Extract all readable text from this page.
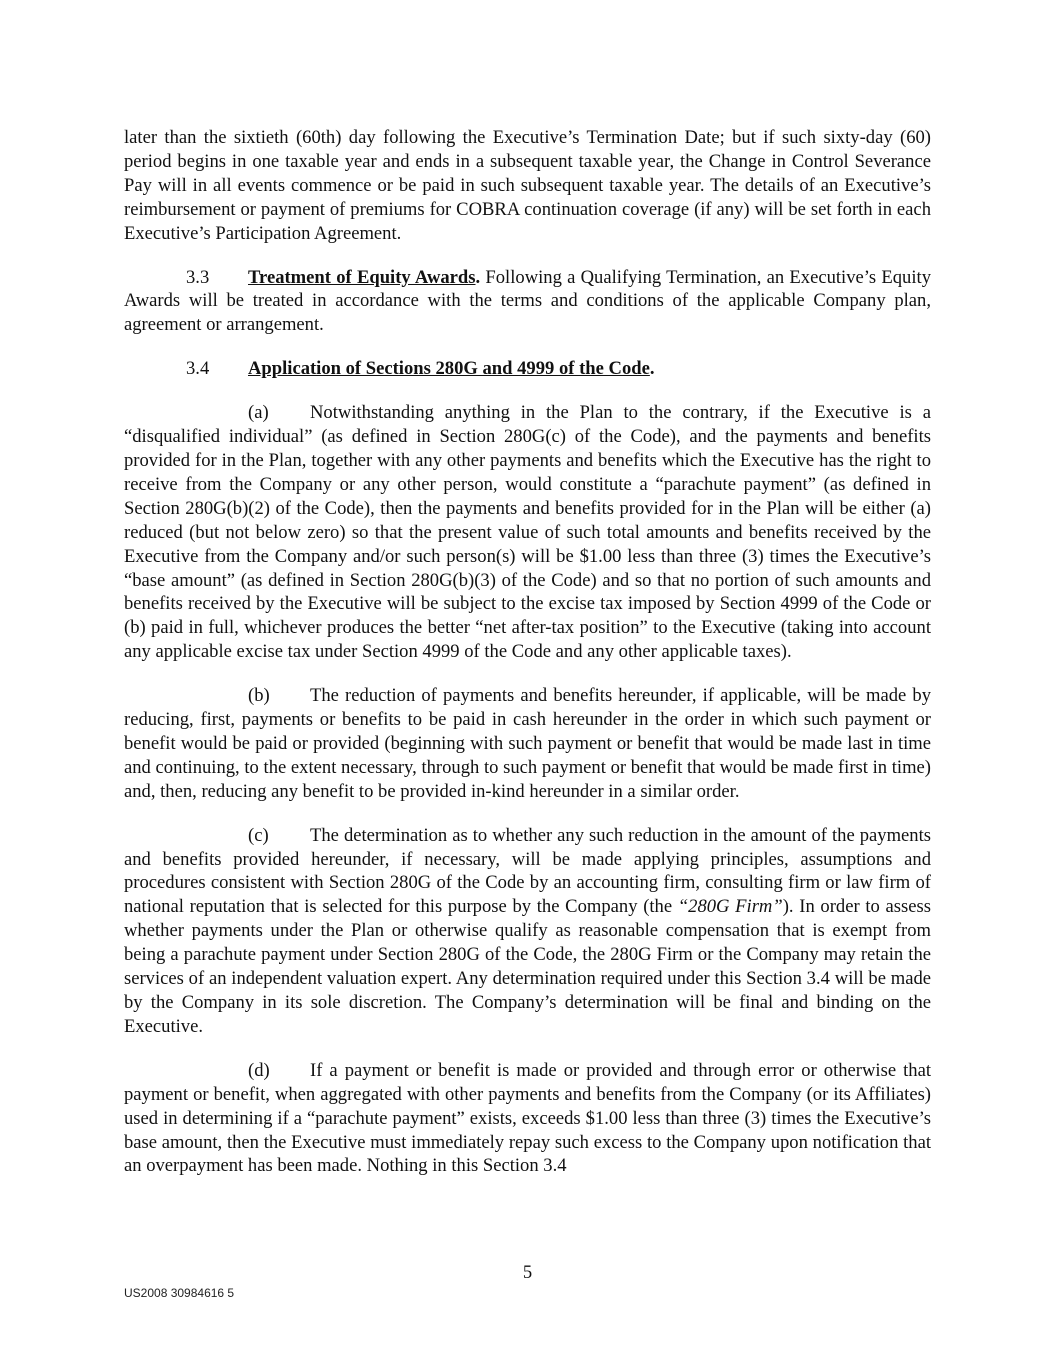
later than the sixtieth (60th) day following the Executive’s Termination Date; but if such sixty-day (60) period begins in one taxable year and ends in a subsequent taxable year, the Change in Control Severance Pay will in all events commence or be paid in such subsequent taxable year. The details of an Executive’s reimbursement or payment of premiums for COBRA continuation coverage (if any) will be set forth in each Executive’s Participation Agreement.

3.3 Treatment of Equity Awards. Following a Qualifying Termination, an Executive’s Equity Awards will be treated in accordance with the terms and conditions of the applicable Company plan, agreement or arrangement.

3.4 Application of Sections 280G and 4999 of the Code.

(a) Notwithstanding anything in the Plan to the contrary, if the Executive is a “disqualified individual” (as defined in Section 280G(c) of the Code), and the payments and benefits provided for in the Plan, together with any other payments and benefits which the Executive has the right to receive from the Company or any other person, would constitute a “parachute payment” (as defined in Section 280G(b)(2) of the Code), then the payments and benefits provided for in the Plan will be either (a) reduced (but not below zero) so that the present value of such total amounts and benefits received by the Executive from the Company and/or such person(s) will be $1.00 less than three (3) times the Executive’s “base amount” (as defined in Section 280G(b)(3) of the Code) and so that no portion of such amounts and benefits received by the Executive will be subject to the excise tax imposed by Section 4999 of the Code or (b) paid in full, whichever produces the better “net after-tax position” to the Executive (taking into account any applicable excise tax under Section 4999 of the Code and any other applicable taxes).

(b) The reduction of payments and benefits hereunder, if applicable, will be made by reducing, first, payments or benefits to be paid in cash hereunder in the order in which such payment or benefit would be paid or provided (beginning with such payment or benefit that would be made last in time and continuing, to the extent necessary, through to such payment or benefit that would be made first in time) and, then, reducing any benefit to be provided in-kind hereunder in a similar order.

(c) The determination as to whether any such reduction in the amount of the payments and benefits provided hereunder, if necessary, will be made applying principles, assumptions and procedures consistent with Section 280G of the Code by an accounting firm, consulting firm or law firm of national reputation that is selected for this purpose by the Company (the “280G Firm”). In order to assess whether payments under the Plan or otherwise qualify as reasonable compensation that is exempt from being a parachute payment under Section 280G of the Code, the 280G Firm or the Company may retain the services of an independent valuation expert. Any determination required under this Section 3.4 will be made by the Company in its sole discretion. The Company’s determination will be final and binding on the Executive.

(d) If a payment or benefit is made or provided and through error or otherwise that payment or benefit, when aggregated with other payments and benefits from the Company (or its Affiliates) used in determining if a “parachute payment” exists, exceeds $1.00 less than three (3) times the Executive’s base amount, then the Executive must immediately repay such excess to the Company upon notification that an overpayment has been made. Nothing in this Section 3.4

5
US2008 30984616 5
